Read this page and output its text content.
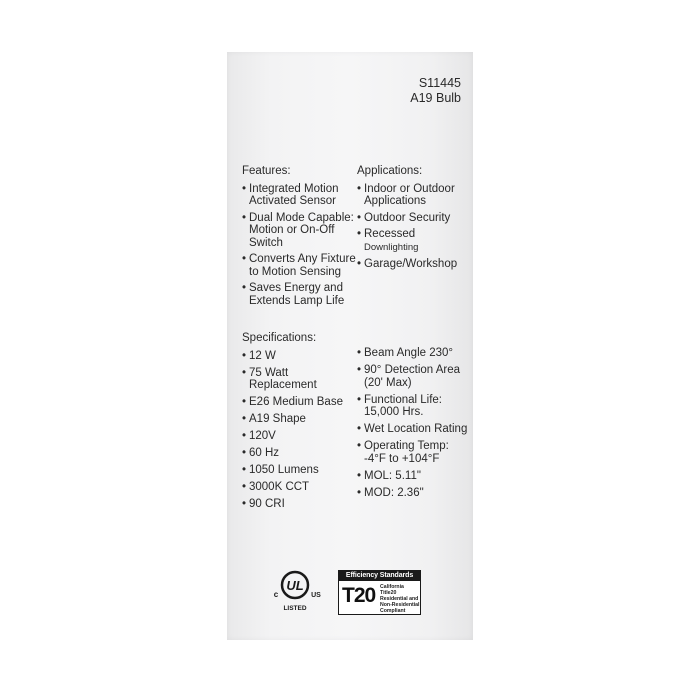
S11445
A19 Bulb
Features:
• Integrated Motion Activated Sensor
• Dual Mode Capable: Motion or On-Off Switch
• Converts Any Fixture to Motion Sensing
• Saves Energy and Extends Lamp Life
Applications:
• Indoor or Outdoor Applications
• Outdoor Security
• Recessed
Downlighting
• Garage/Workshop
Specifications:
• 12 W
• 75 Watt Replacement
• E26 Medium Base
• A19 Shape
• 120V
• 60 Hz
• 1050 Lumens
• 3000K CCT
• 90 CRI
• Beam Angle 230°
• 90° Detection Area (20' Max)
• Functional Life: 15,000 Hrs.
• Wet Location Rating
• Operating Temp: -4°F to +104°F
• MOL: 5.11"
• MOD: 2.36"
UL
c	US
LISTED
Efficiency Standards
T20 California Title20 Residential and Non-Residential Compliant
